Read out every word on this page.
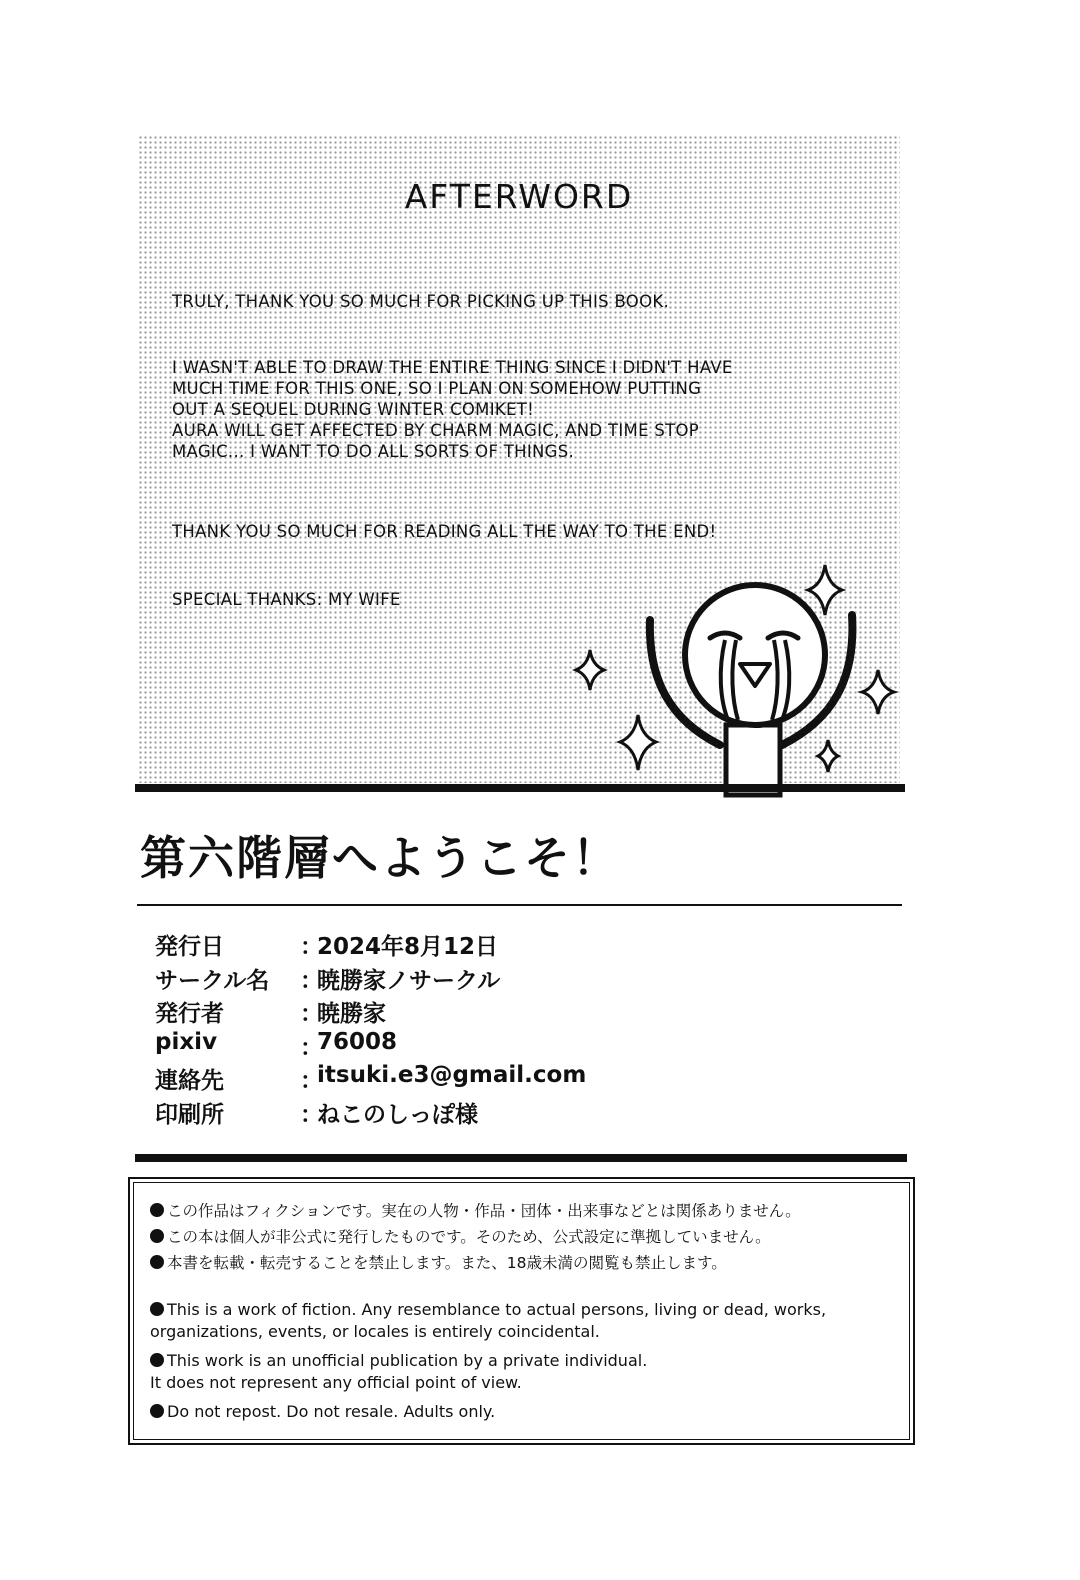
AFTERWORD
TRULY, THANK YOU SO MUCH FOR PICKING UP THIS BOOK.
I WASN'T ABLE TO DRAW THE ENTIRE THING SINCE I DIDN'T HAVE
MUCH TIME FOR THIS ONE, SO I PLAN ON SOMEHOW PUTTING
OUT A SEQUEL DURING WINTER COMIKET!
AURA WILL GET AFFECTED BY CHARM MAGIC, AND TIME STOP
MAGIC... I WANT TO DO ALL SORTS OF THINGS.
THANK YOU SO MUCH FOR READING ALL THE WAY TO THE END!
SPECIAL THANKS: MY WIFE
第六階層へようこそ！
発行日	：
2024年8月12日
サークル名 ：
暁勝家ノサークル
発行者	：
暁勝家
pixiv	：
76008
連絡先	：
itsuki.e3@gmail.com
印刷所	：
ねこのしっぽ様
この作品はフィクションです。実在の人物・作品・団体・出来事などとは関係ありません。
この本は個人が非公式に発行したものです。そのため、公式設定に準拠していません。
本書を転載・転売することを禁止します。また、18歳未満の閲覧も禁止します。
This is a work of fiction. Any resemblance to actual persons, living or dead, works,
organizations, events, or locales is entirely coincidental.
This work is an unofficial publication by a private individual.
It does not represent any official point of view.
Do not repost. Do not resale. Adults only.
